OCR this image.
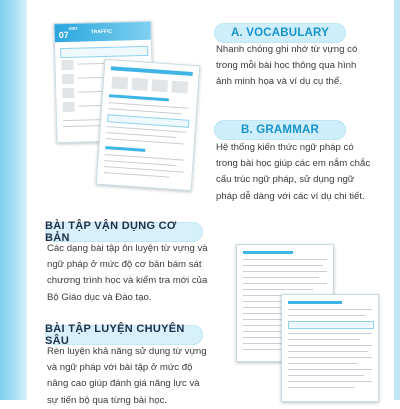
UNIT
07	TRAFFIC	A. VOCABULARY

Nhanh chóng ghi nhớ từ vựng có trong mỗi bài học thông qua hình ảnh minh họa và ví dụ cụ thể.

B. GRAMMAR

Hệ thống kiến thức ngữ pháp có trong bài học giúp các em nắm chắc cấu trúc ngữ pháp, sử dụng ngữ pháp dễ dàng với các ví dụ chi tiết.

BÀI TẬP VẬN DỤNG CƠ BẢN

Các dạng bài tập ôn luyện từ vựng và ngữ pháp ở mức độ cơ bản bám sát chương trình học và kiểm tra mới của Bộ Giáo dục và Đào tạo.

BÀI TẬP LUYỆN CHUYÊN SÂU

Rèn luyện khả năng sử dụng từ vựng và ngữ pháp với bài tập ở mức độ nâng cao giúp đánh giá năng lực và sự tiến bộ qua từng bài học.
